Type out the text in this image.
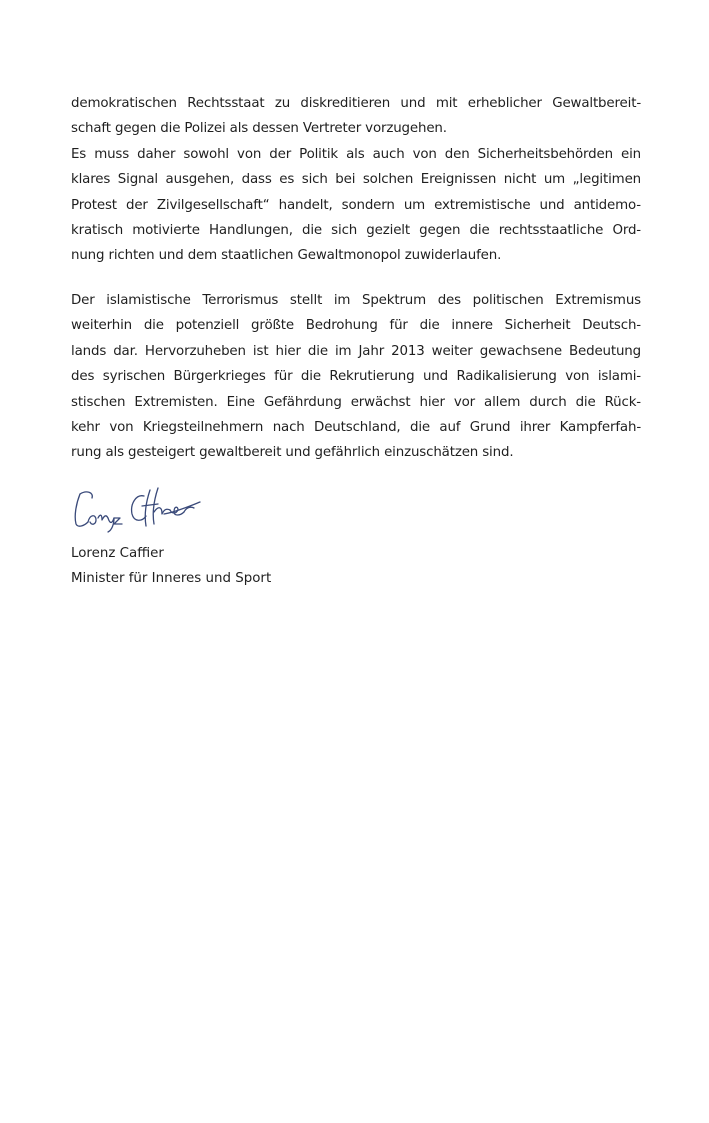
demokratischen Rechtsstaat zu diskreditieren und mit erheblicher Gewaltbereit-
schaft gegen die Polizei als dessen Vertreter vorzugehen.
Es muss daher sowohl von der Politik als auch von den Sicherheitsbehörden ein
klares Signal ausgehen, dass es sich bei solchen Ereignissen nicht um „legitimen
Protest der Zivilgesellschaft“ handelt, sondern um extremistische und antidemo-
kratisch motivierte Handlungen, die sich gezielt gegen die rechtsstaatliche Ord-
nung richten und dem staatlichen Gewaltmonopol zuwiderlaufen.
Der islamistische Terrorismus stellt im Spektrum des politischen Extremismus
weiterhin die potenziell größte Bedrohung für die innere Sicherheit Deutsch-
lands dar. Hervorzuheben ist hier die im Jahr 2013 weiter gewachsene Bedeutung
des syrischen Bürgerkrieges für die Rekrutierung und Radikalisierung von islami-
stischen Extremisten. Eine Gefährdung erwächst hier vor allem durch die Rück-
kehr von Kriegsteilnehmern nach Deutschland, die auf Grund ihrer Kampferfah-
rung als gesteigert gewaltbereit und gefährlich einzuschätzen sind.
Lorenz Caffier
Minister für Inneres und Sport
